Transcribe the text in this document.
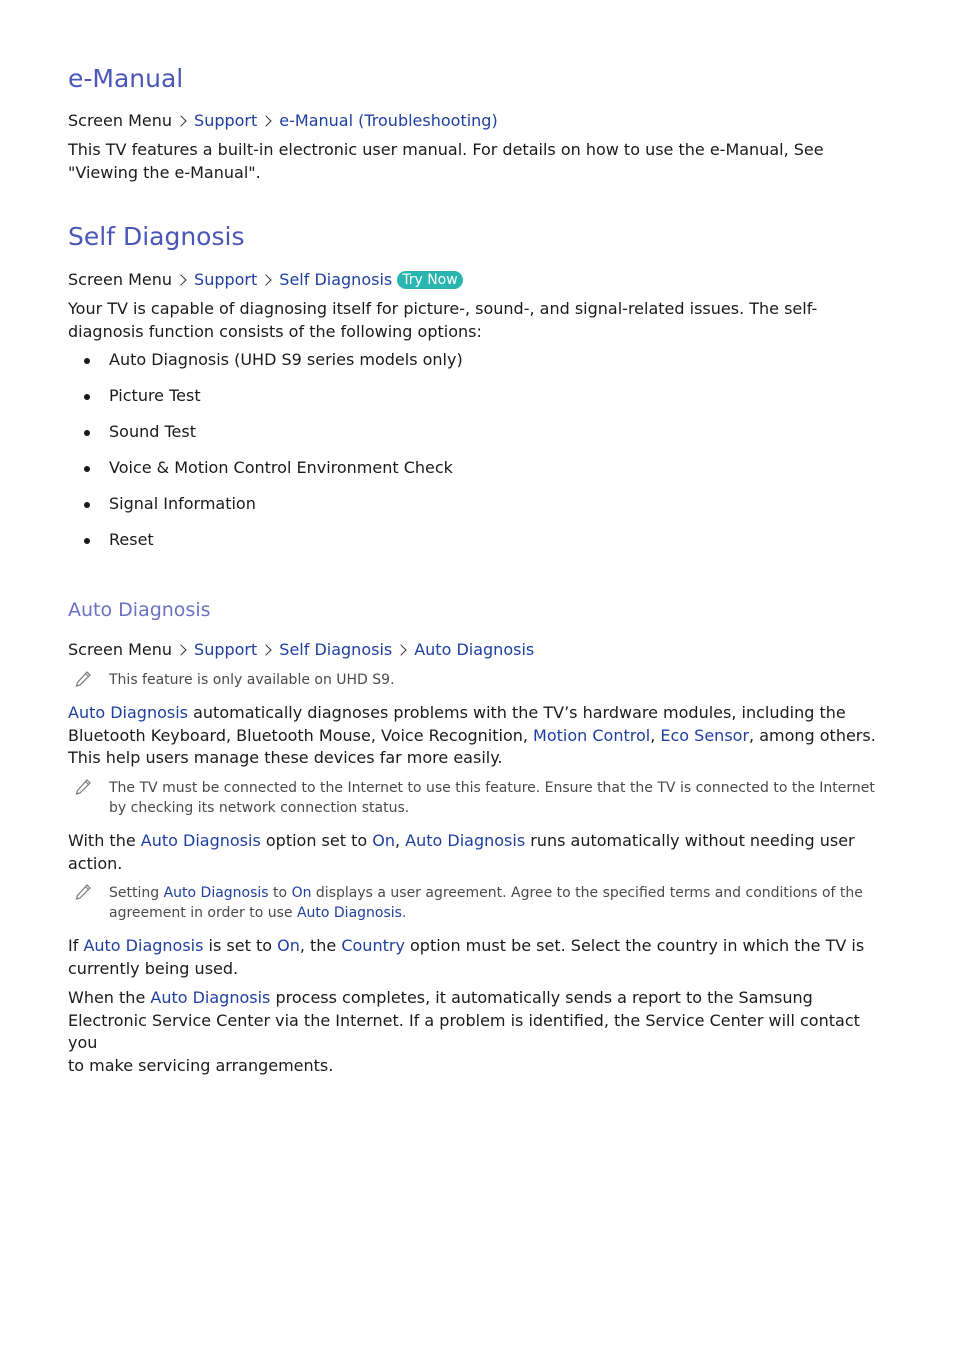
e-Manual
Screen Menu Support e-Manual (Troubleshooting)

This TV features a built-in electronic user manual. For details on how to use the e-Manual, See

"Viewing the e-Manual".

Self Diagnosis
Screen Menu Support Self Diagnosis Try Now

Your TV is capable of diagnosing itself for picture-, sound-, and signal-related issues. The self-

diagnosis function consists of the following options:

Auto Diagnosis (UHD S9 series models only)
Picture Test
Sound Test
Voice & Motion Control Environment Check
Signal Information
Reset
Auto Diagnosis
Screen Menu Support Self Diagnosis Auto Diagnosis
This feature is only available on UHD S9.

Auto Diagnosis automatically diagnoses problems with the TV’s hardware modules, including the

Bluetooth Keyboard, Bluetooth Mouse, Voice Recognition, Motion Control, Eco Sensor, among others.

This help users manage these devices far more easily.

The TV must be connected to the Internet to use this feature. Ensure that the TV is connected to the Internet
by checking its network connection status.

With the Auto Diagnosis option set to On, Auto Diagnosis runs automatically without needing user

action.

Setting Auto Diagnosis to On displays a user agreement. Agree to the specified terms and conditions of the
agreement in order to use Auto Diagnosis.

If Auto Diagnosis is set to On, the Country option must be set. Select the country in which the TV is

currently being used.

When the Auto Diagnosis process completes, it automatically sends a report to the Samsung

Electronic Service Center via the Internet. If a problem is identified, the Service Center will contact you

to make servicing arrangements.
